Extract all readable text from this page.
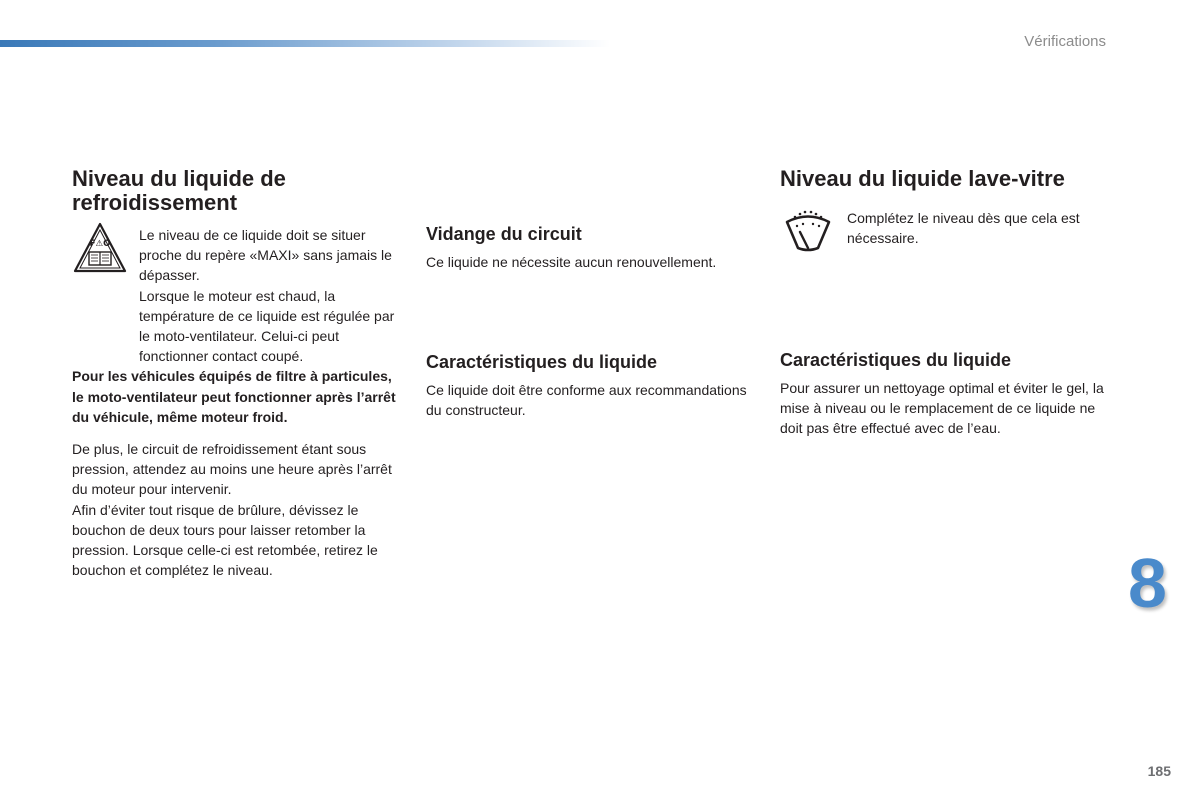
Vérifications
Niveau du liquide de refroidissement
F⚠O

Le niveau de ce liquide doit se situer proche du repère «MAXI» sans jamais le dépasser.

Lorsque le moteur est chaud, la température de ce liquide est régulée par le moto-ventilateur. Celui-ci peut fonctionner contact coupé.

Pour les véhicules équipés de filtre à particules, le moto-ventilateur peut fonctionner après l’arrêt du véhicule, même moteur froid.

De plus, le circuit de refroidissement étant sous pression, attendez au moins une heure après l’arrêt du moteur pour intervenir.

Afin d’éviter tout risque de brûlure, dévissez le bouchon de deux tours pour laisser retomber la pression. Lorsque celle-ci est retombée, retirez le bouchon et complétez le niveau.

Vidange du circuit

Ce liquide ne nécessite aucun renouvellement.

Caractéristiques du liquide

Ce liquide doit être conforme aux recommandations du constructeur.

Niveau du liquide lave-vitre

Complétez le niveau dès que cela est nécessaire.

Caractéristiques du liquide

Pour assurer un nettoyage optimal et éviter le gel, la mise à niveau ou le remplacement de ce liquide ne doit pas être effectué avec de l’eau.

8
185
